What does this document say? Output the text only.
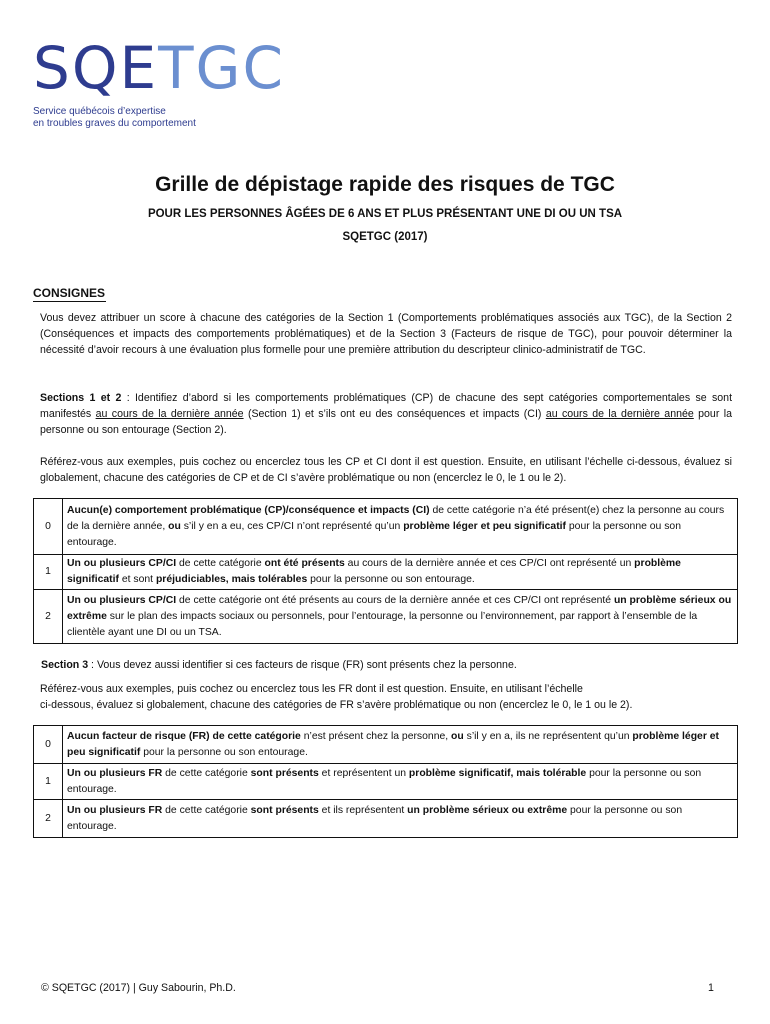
SQETGC
Service québécois d’expertise
en troubles graves du comportement
Grille de dépistage rapide des risques de TGC
POUR LES PERSONNES ÂGÉES DE 6 ANS ET PLUS PRÉSENTANT UNE DI OU UN TSA
SQETGC (2017)
CONSIGNES
Vous devez attribuer un score à chacune des catégories de la Section 1 (Comportements problématiques associés aux TGC), de la Section 2 (Conséquences et impacts des comportements problématiques) et de la Section 3 (Facteurs de risque de TGC), pour pouvoir déterminer la nécessité d’avoir recours à une évaluation plus formelle pour une première attribution du descripteur clinico-administratif de TGC.
Sections 1 et 2 : Identifiez d’abord si les comportements problématiques (CP) de chacune des sept catégories comportementales se sont manifestés au cours de la dernière année (Section 1) et s’ils ont eu des conséquences et impacts (CI) au cours de la dernière année pour la personne ou son entourage (Section 2).
Référez-vous aux exemples, puis cochez ou encerclez tous les CP et CI dont il est question. Ensuite, en utilisant l’échelle ci-dessous, évaluez si globalement, chacune des catégories de CP et de CI s’avère problématique ou non (encerclez le 0, le 1 ou le 2).
0	Aucun(e) comportement problématique (CP)/conséquence et impacts (CI) de cette catégorie n’a été présent(e) chez la personne au cours de la dernière année, ou s’il y en a eu, ces CP/CI n’ont représenté qu’un problème léger et peu significatif pour la personne ou son entourage.
1	Un ou plusieurs CP/CI de cette catégorie ont été présents au cours de la dernière année et ces CP/CI ont représenté un problème significatif et sont préjudiciables, mais tolérables pour la personne ou son entourage.
2	Un ou plusieurs CP/CI de cette catégorie ont été présents au cours de la dernière année et ces CP/CI ont représenté un problème sérieux ou extrême sur le plan des impacts sociaux ou personnels, pour l’entourage, la personne ou l’environnement, par rapport à l’ensemble de la clientèle ayant une DI ou un TSA.
Section 3 : Vous devez aussi identifier si ces facteurs de risque (FR) sont présents chez la personne.
Référez-vous aux exemples, puis cochez ou encerclez tous les FR dont il est question. Ensuite, en utilisant l’échelle
ci-dessous, évaluez si globalement, chacune des catégories de FR s’avère problématique ou non (encerclez le 0, le 1 ou le 2).
0	Aucun facteur de risque (FR) de cette catégorie n’est présent chez la personne, ou s’il y en a, ils ne représentent qu’un problème léger et peu significatif pour la personne ou son entourage.
1	Un ou plusieurs FR de cette catégorie sont présents et représentent un problème significatif, mais tolérable pour la personne ou son entourage.
2	Un ou plusieurs FR de cette catégorie sont présents et ils représentent un problème sérieux ou extrême pour la personne ou son entourage.
© SQETGC (2017) | Guy Sabourin, Ph.D.	1
